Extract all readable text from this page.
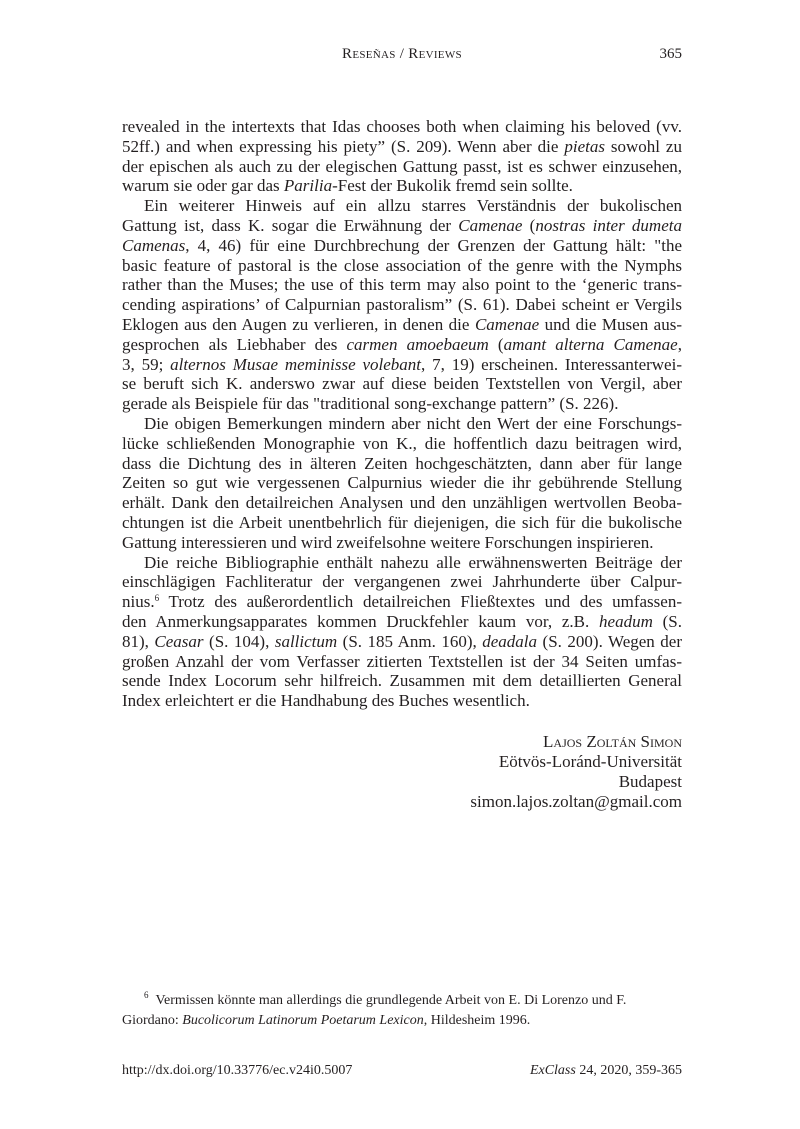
Reseñas / Reviews	365
revealed in the intertexts that Idas chooses both when claiming his beloved (vv.
52ff.) and when expressing his piety” (S. 209). Wenn aber die pietas sowohl zu
der epischen als auch zu der elegischen Gattung passt, ist es schwer einzusehen,
warum sie oder gar das Parilia-Fest der Bukolik fremd sein sollte.
Ein weiterer Hinweis auf ein allzu starres Verständnis der bukolischen
Gattung ist, dass K. sogar die Erwähnung der Camenae (nostras inter dumeta
Camenas, 4, 46) für eine Durchbrechung der Grenzen der Gattung hält: "the
basic feature of pastoral is the close association of the genre with the Nymphs
rather than the Muses; the use of this term may also point to the ‘generic trans-
cending aspirations’ of Calpurnian pastoralism” (S. 61). Dabei scheint er Vergils
Eklogen aus den Augen zu verlieren, in denen die Camenae und die Musen aus-
gesprochen als Liebhaber des carmen amoebaeum (amant alterna Camenae,
3, 59; alternos Musae meminisse volebant, 7, 19) erscheinen. Interessanterwei-
se beruft sich K. anderswo zwar auf diese beiden Textstellen von Vergil, aber
gerade als Beispiele für das "traditional song-exchange pattern” (S. 226).
Die obigen Bemerkungen mindern aber nicht den Wert der eine Forschungs-
lücke schließenden Monographie von K., die hoffentlich dazu beitragen wird,
dass die Dichtung des in älteren Zeiten hochgeschätzten, dann aber für lange
Zeiten so gut wie vergessenen Calpurnius wieder die ihr gebührende Stellung
erhält. Dank den detailreichen Analysen und den unzähligen wertvollen Beoba-
chtungen ist die Arbeit unentbehrlich für diejenigen, die sich für die bukolische
Gattung interessieren und wird zweifelsohne weitere Forschungen inspirieren.
Die reiche Bibliographie enthält nahezu alle erwähnenswerten Beiträge der
einschlägigen Fachliteratur der vergangenen zwei Jahrhunderte über Calpur-
nius.$^6$ Trotz des außerordentlich detailreichen Fließtextes und des umfassen-
den Anmerkungsapparates kommen Druckfehler kaum vor, z.B. headum (S.
81), Ceasar (S. 104), sallictum (S. 185 Anm. 160), deadala (S. 200). Wegen der
großen Anzahl der vom Verfasser zitierten Textstellen ist der 34 Seiten umfas-
sende Index Locorum sehr hilfreich. Zusammen mit dem detaillierten General
Index erleichtert er die Handhabung des Buches wesentlich.
Lajos Zoltán Simon
Eötvös-Loránd-Universität
Budapest
simon.lajos.zoltan@gmail.com
$^6$ Vermissen könnte man allerdings die grundlegende Arbeit von E. Di Lorenzo und F. Giordano: Bucolicorum Latinorum Poetarum Lexicon, Hildesheim 1996.
http://dx.doi.org/10.33776/ec.v24i0.5007	ExClass 24, 2020, 359-365
